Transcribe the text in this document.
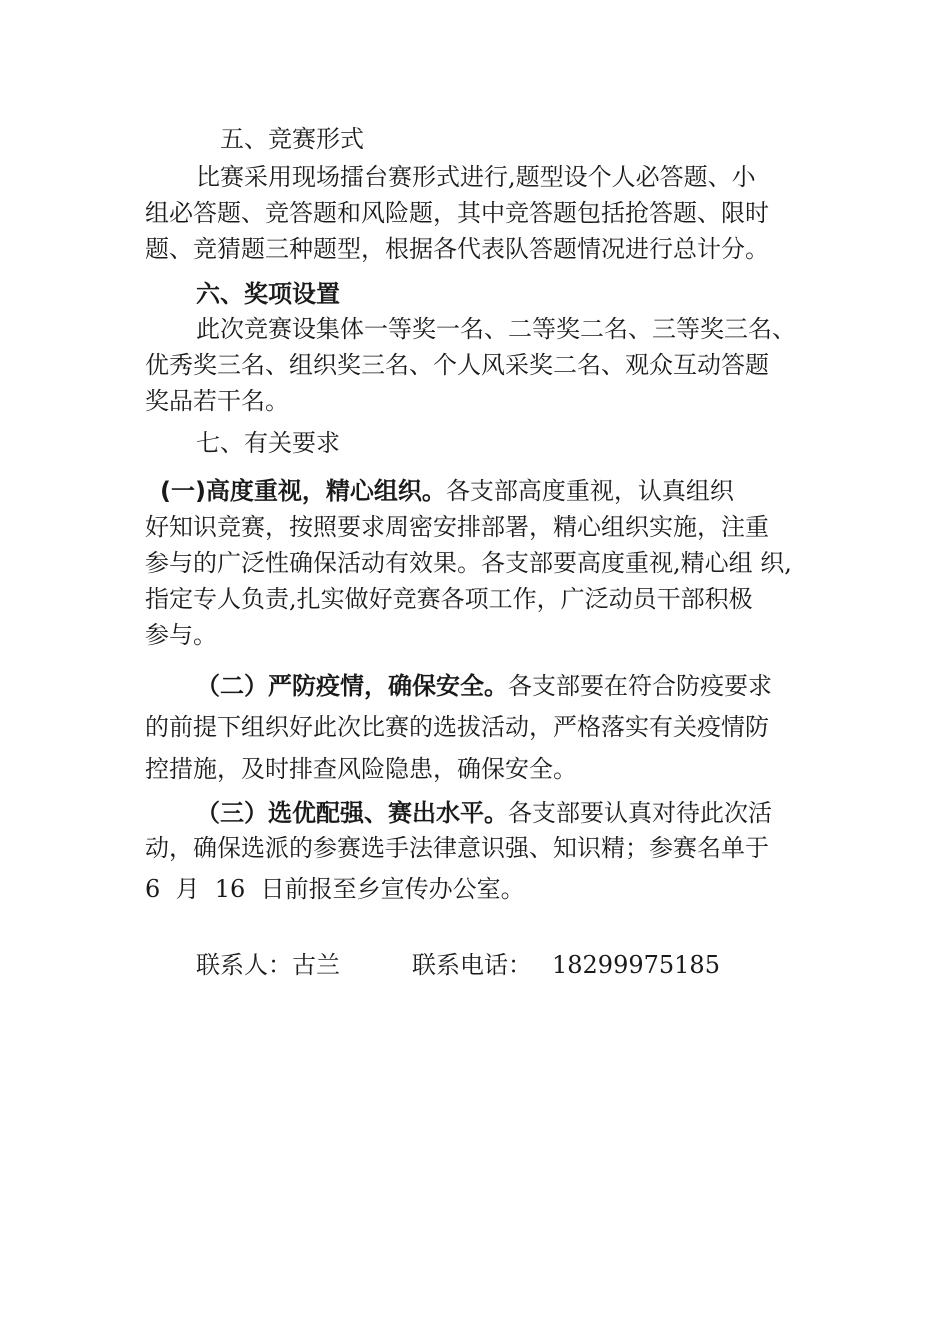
五、竞赛形式
比赛采用现场擂台赛形式进行,题型设个人必答题、小
组必答题、竞答题和风险题，其中竞答题包括抢答题、限时
题、竞猜题三种题型，根据各代表队答题情况进行总计分。
六、奖项设置
此次竞赛设集体一等奖一名、二等奖二名、三等奖三名、
优秀奖三名、组织奖三名、个人风采奖二名、观众互动答题
奖品若干名。
七、有关要求
(一)高度重视，精心组织。各支部高度重视，认真组织
好知识竞赛，按照要求周密安排部署，精心组织实施，注重
参与的广泛性确保活动有效果。各支部要高度重视,精心组 织,
指定专人负责,扎实做好竞赛各项工作，广泛动员干部积极
参与。
（二）严防疫情，确保安全。各支部要在符合防疫要求
的前提下组织好此次比赛的选拔活动，严格落实有关疫情防
控措施，及时排查风险隐患，确保安全。
（三）选优配强、赛出水平。各支部要认真对待此次活
动，确保选派的参赛选手法律意识强、知识精；参赛名单于
6  月  16  日前报至乡宣传办公室。
联系人：古兰	联系电话： 18299975185
